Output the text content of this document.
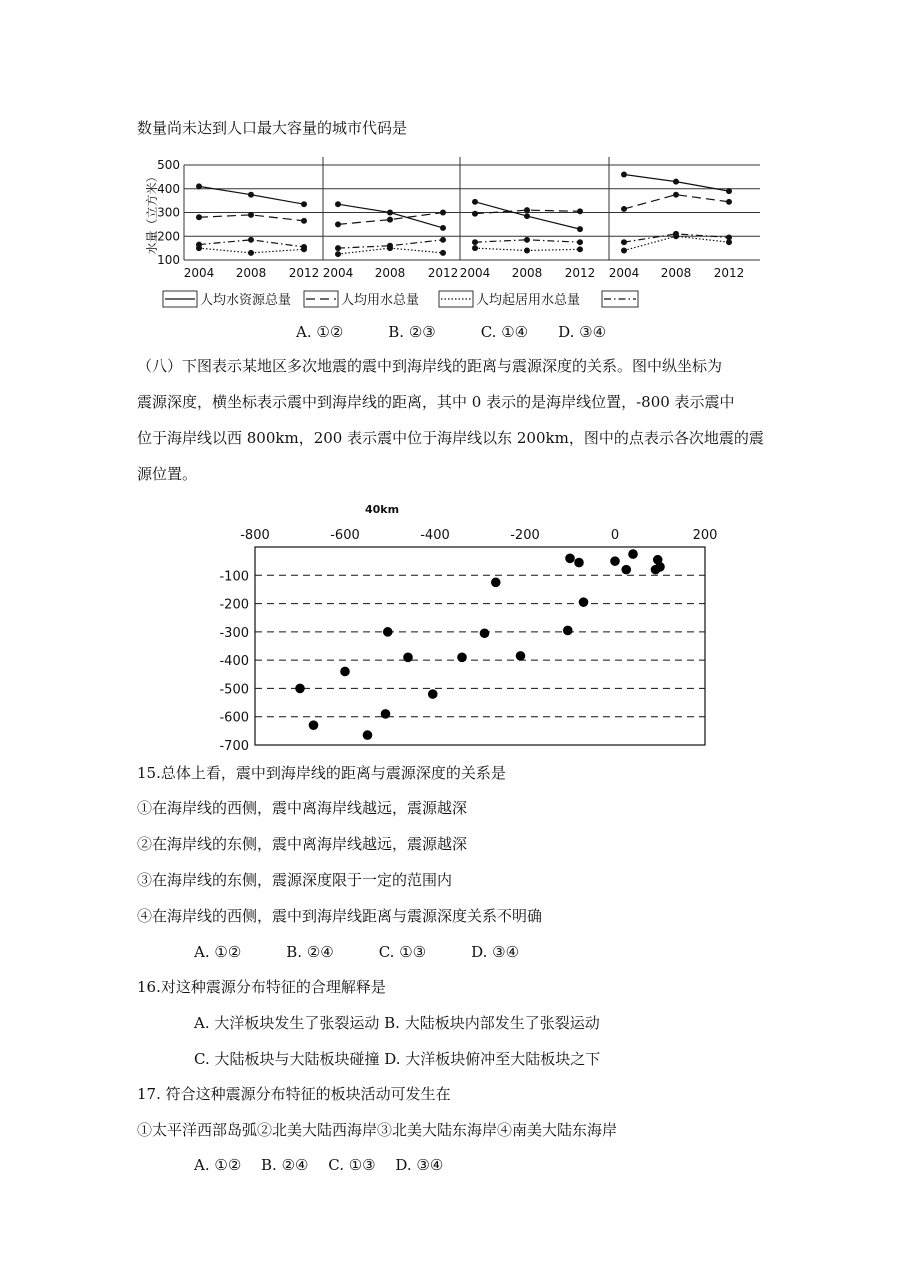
数量尚未达到人口最大容量的城市代码是
500
400
300
200
100
水量（立方米）
2004 2008 2012 2004 2008 2012 2004 2008 2012 2004 2008 2012
人均水资源总量	人均用水总量	人均起居用水总量
A. ①②　　　B. ②③　　　C. ①④　　D. ③④
（八）下图表示某地区多次地震的震中到海岸线的距离与震源深度的关系。图中纵坐标为
震源深度，横坐标表示震中到海岸线的距离，其中 0 表示的是海岸线位置，-800 表示震中
位于海岸线以西 800km，200 表示震中位于海岸线以东 200km，图中的点表示各次地震的震
源位置。
40km
-800	-600	-400	-200	0	200
-100
-200
-300
-400
-500
-600
-700
15.总体上看，震中到海岸线的距离与震源深度的关系是
①在海岸线的西侧，震中离海岸线越远，震源越深
②在海岸线的东侧，震中离海岸线越远，震源越深
③在海岸线的东侧，震源深度限于一定的范围内
④在海岸线的西侧，震中到海岸线距离与震源深度关系不明确
A. ①②　　　B. ②④　　　C. ①③　　　D. ③④
16.对这种震源分布特征的合理解释是
A. 大洋板块发生了张裂运动 B. 大陆板块内部发生了张裂运动
C. 大陆板块与大陆板块碰撞 D. 大洋板块俯冲至大陆板块之下
17. 符合这种震源分布特征的板块活动可发生在
①太平洋西部岛弧②北美大陆西海岸③北美大陆东海岸④南美大陆东海岸
A. ①②　 B. ②④　 C. ①③　 D. ③④
